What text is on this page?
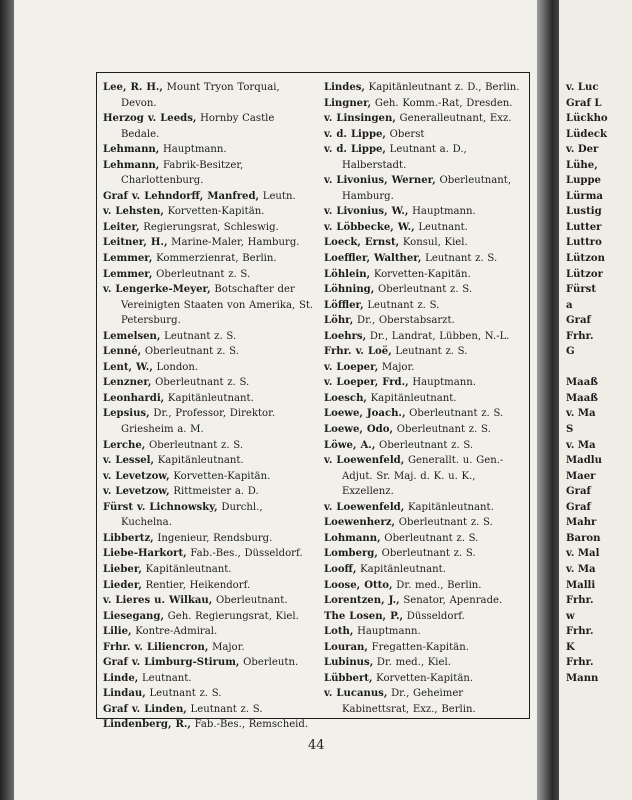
Lee, R. H., Mount Tryon Torquai, Devon.
Herzog v. Leeds, Hornby Castle Bedale.
Lehmann, Hauptmann.
Lehmann, Fabrik-Besitzer, Charlottenburg.
Graf v. Lehndorff, Manfred, Leutn.
v. Lehsten, Korvetten-Kapitän.
Leiter, Regierungsrat, Schleswig.
Leitner, H., Marine-Maler, Hamburg.
Lemmer, Kommerzienrat, Berlin.
Lemmer, Oberleutnant z. S.
v. Lengerke-Meyer, Botschafter der Vereinigten Staaten von Amerika, St. Petersburg.
Lemelsen, Leutnant z. S.
Lenné, Oberleutnant z. S.
Lent, W., London.
Lenzner, Oberleutnant z. S.
Leonhardi, Kapitänleutnant.
Lepsius, Dr., Professor, Direktor. Griesheim a. M.
Lerche, Oberleutnant z. S.
v. Lessel, Kapitänleutnant.
v. Levetzow, Korvetten-Kapitän.
v. Levetzow, Rittmeister a. D.
Fürst v. Lichnowsky, Durchl., Kuchelna.
Libbertz, Ingenieur, Rendsburg.
Liebe-Harkort, Fab.-Bes., Düsseldorf.
Lieber, Kapitänleutnant.
Lieder, Rentier, Heikendorf.
v. Lieres u. Wilkau, Oberleutnant.
Liesegang, Geh. Regierungsrat, Kiel.
Lilie, Kontre-Admiral.
Frhr. v. Liliencron, Major.
Graf v. Limburg-Stirum, Oberleutn.
Linde, Leutnant.
Lindau, Leutnant z. S.
Graf v. Linden, Leutnant z. S.
Lindenberg, R., Fab.-Bes., Remscheid.
Lindes, Kapitänleutnant z. D., Berlin.
Lingner, Geh. Komm.-Rat, Dresden.
v. Linsingen, Generalleutnant, Exz.
v. d. Lippe, Oberst
v. d. Lippe, Leutnant a. D., Halberstadt.
v. Livonius, Werner, Oberleutnant, Hamburg.
v. Livonius, W., Hauptmann.
v. Löbbecke, W., Leutnant.
Loeck, Ernst, Konsul, Kiel.
Loeffler, Walther, Leutnant z. S.
Löhlein, Korvetten-Kapitän.
Löhning, Oberleutnant z. S.
Löffler, Leutnant z. S.
Löhr, Dr., Oberstabsarzt.
Loehrs, Dr., Landrat, Lübben, N.-L.
Frhr. v. Loë, Leutnant z. S.
v. Loeper, Major.
v. Loeper, Frd., Hauptmann.
Loesch, Kapitänleutnant.
Loewe, Joach., Oberleutnant z. S.
Loewe, Odo, Oberleutnant z. S.
Löwe, A., Oberleutnant z. S.
v. Loewenfeld, Generallt. u. Gen.-Adjut. Sr. Maj. d. K. u. K., Exzellenz.
v. Loewenfeld, Kapitänleutnant.
Loewenherz, Oberleutnant z. S.
Lohmann, Oberleutnant z. S.
Lomberg, Oberleutnant z. S.
Looff, Kapitänleutnant.
Loose, Otto, Dr. med., Berlin.
Lorentzen, J., Senator, Apenrade.
The Losen, P., Düsseldorf.
Loth, Hauptmann.
Louran, Fregatten-Kapitän.
Lubinus, Dr. med., Kiel.
Lübbert, Korvetten-Kapitän.
v. Lucanus, Dr., Geheimer Kabinettsrat, Exz., Berlin.
v. Luc
Graf L
Lückho
Lüdeck
v. Der
Lühe,
Luppe
Lürma
Lustig
Lutter
Luttro
Lützon
Lützor
Fürst
a
Graf
Frhr.
G
Maaß
Maaß
v. Ma
S
v. Ma
Madlu
Maer
Graf
Graf
Mahr
Baron
v. Mal
v. Ma
Malli
Frhr.
w
Frhr.
K
Frhr.
Mann
44
